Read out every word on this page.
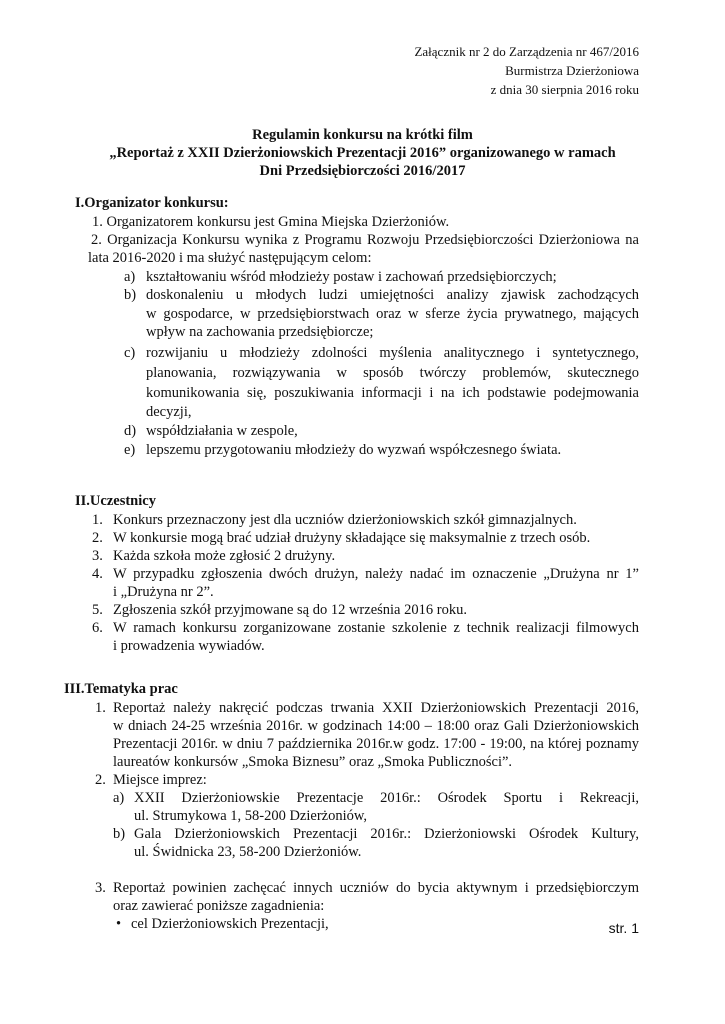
Załącznik nr 2 do Zarządzenia nr 467/2016
Burmistrza Dzierżoniowa
z dnia 30 sierpnia 2016 roku
Regulamin konkursu na krótki film
„Reportaż z XXII Dzierżoniowskich Prezentacji 2016” organizowanego w ramach
Dni Przedsiębiorczości 2016/2017
I.Organizator konkursu:
1. Organizatorem konkursu jest Gmina Miejska Dzierżoniów.
2. Organizacja Konkursu wynika z Programu Rozwoju Przedsiębiorczości Dzierżoniowa na
lata 2016-2020 i ma służyć następującym celom:
a) kształtowaniu wśród młodzieży postaw i zachowań przedsiębiorczych;
b) doskonaleniu u młodych ludzi umiejętności analizy zjawisk zachodzących
w gospodarce, w przedsiębiorstwach oraz w sferze życia prywatnego, mających
wpływ na zachowania przedsiębiorcze;
c) rozwijaniu u młodzieży zdolności myślenia analitycznego i syntetycznego,
planowania, rozwiązywania w sposób twórczy problemów, skutecznego
komunikowania się, poszukiwania informacji i na ich podstawie podejmowania
decyzji,
d) współdziałania w zespole,
e) lepszemu przygotowaniu młodzieży do wyzwań współczesnego świata.
II.Uczestnicy
1. Konkurs przeznaczony jest dla uczniów dzierżoniowskich szkół gimnazjalnych.
2. W konkursie mogą brać udział drużyny składające się maksymalnie z trzech osób.
3. Każda szkoła może zgłosić 2 drużyny.
4. W przypadku zgłoszenia dwóch drużyn, należy nadać im oznaczenie „Drużyna nr 1”
i „Drużyna nr 2”.
5. Zgłoszenia szkół przyjmowane są do 12 września 2016 roku.
6. W ramach konkursu zorganizowane zostanie szkolenie z technik realizacji filmowych
i prowadzenia wywiadów.
III.Tematyka prac
1. Reportaż należy nakręcić podczas trwania XXII Dzierżoniowskich Prezentacji 2016,
w dniach 24-25 września 2016r. w godzinach 14:00 – 18:00 oraz Gali Dzierżoniowskich
Prezentacji 2016r. w dniu 7 października 2016r.w godz. 17:00 - 19:00, na której poznamy
laureatów konkursów „Smoka Biznesu” oraz „Smoka Publiczności”.
2. Miejsce imprez:
a) XXII Dzierżoniowskie Prezentacje 2016r.: Ośrodek Sportu i Rekreacji,
ul. Strumykowa 1, 58-200 Dzierżoniów,
b) Gala Dzierżoniowskich Prezentacji 2016r.: Dzierżoniowski Ośrodek Kultury,
ul. Świdnicka 23, 58-200 Dzierżoniów.
3. Reportaż powinien zachęcać innych uczniów do bycia aktywnym i przedsiębiorczym
oraz zawierać poniższe zagadnienia:
• cel Dzierżoniowskich Prezentacji,	str. 1
